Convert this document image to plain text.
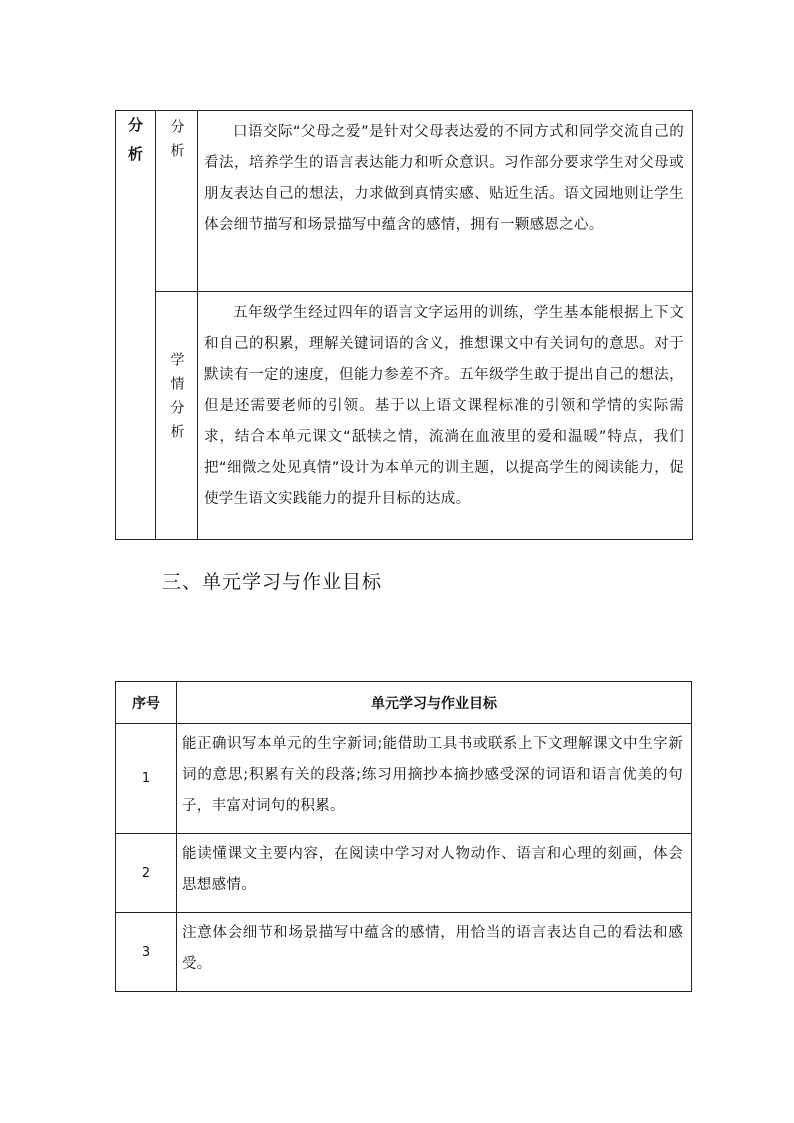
分析	分析	口语交际“父母之爱”是针对父母表达爱的不同方式和同学交流自己的看法，培养学生的语言表达能力和听众意识。习作部分要求学生对父母或朋友表达自己的想法，力求做到真情实感、贴近生活。语文园地则让学生体会细节描写和场景描写中蕴含的感情，拥有一颗感恩之心。

	学情分析	五年级学生经过四年的语言文字运用的训练，学生基本能根据上下文和自己的积累，理解关键词语的含义，推想课文中有关词句的意思。对于默读有一定的速度，但能力参差不齐。五年级学生敢于提出自己的想法，但是还需要老师的引领。基于以上语文课程标准的引领和学情的实际需求，结合本单元课文“舐犊之情，流淌在血液里的爱和温暖”特点，我们把“细微之处见真情”设计为本单元的训主题，以提高学生的阅读能力，促使学生语文实践能力的提升目标的达成。
三、单元学习与作业目标
序号	单元学习与作业目标
1	能正确识写本单元的生字新词;能借助工具书或联系上下文理解课文中生字新词的意思;积累有关的段落;练习用摘抄本摘抄感受深的词语和语言优美的句子，丰富对词句的积累。
2	能读懂课文主要内容，在阅读中学习对人物动作、语言和心理的刻画，体会思想感情。
3	注意体会细节和场景描写中蕴含的感情，用恰当的语言表达自己的看法和感受。
